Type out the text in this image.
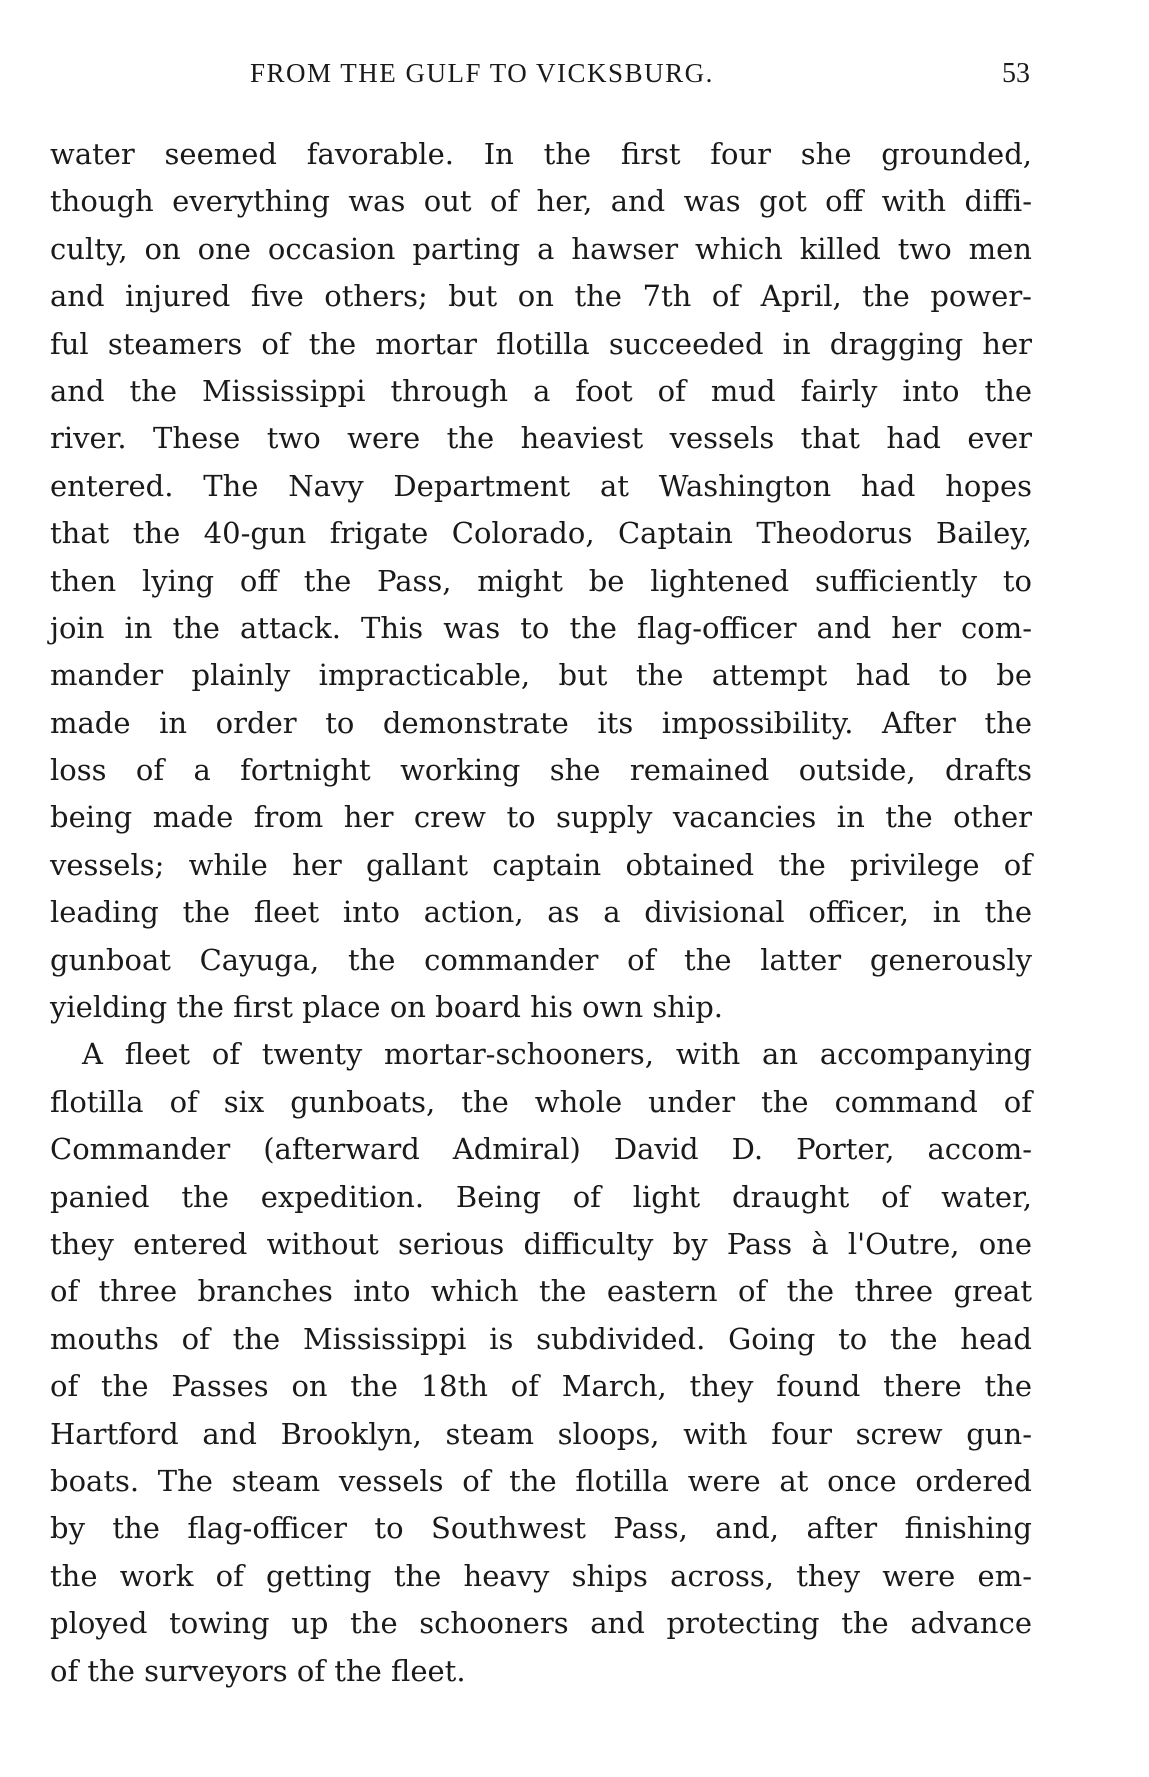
FROM THE GULF TO VICKSBURG.	53
water seemed favorable. In the first four she grounded,
though everything was out of her, and was got off with diffi-
culty, on one occasion parting a hawser which killed two men
and injured five others; but on the 7th of April, the power-
ful steamers of the mortar flotilla succeeded in dragging her
and the Mississippi through a foot of mud fairly into the
river. These two were the heaviest vessels that had ever
entered. The Navy Department at Washington had hopes
that the 40-gun frigate Colorado, Captain Theodorus Bailey,
then lying off the Pass, might be lightened sufficiently to
join in the attack. This was to the flag-officer and her com-
mander plainly impracticable, but the attempt had to be
made in order to demonstrate its impossibility. After the
loss of a fortnight working she remained outside, drafts
being made from her crew to supply vacancies in the other
vessels; while her gallant captain obtained the privilege of
leading the fleet into action, as a divisional officer, in the
gunboat Cayuga, the commander of the latter generously
yielding the first place on board his own ship.
A fleet of twenty mortar-schooners, with an accompanying
flotilla of six gunboats, the whole under the command of
Commander (afterward Admiral) David D. Porter, accom-
panied the expedition. Being of light draught of water,
they entered without serious difficulty by Pass à l'Outre, one
of three branches into which the eastern of the three great
mouths of the Mississippi is subdivided. Going to the head
of the Passes on the 18th of March, they found there the
Hartford and Brooklyn, steam sloops, with four screw gun-
boats. The steam vessels of the flotilla were at once ordered
by the flag-officer to Southwest Pass, and, after finishing
the work of getting the heavy ships across, they were em-
ployed towing up the schooners and protecting the advance
of the surveyors of the fleet.
